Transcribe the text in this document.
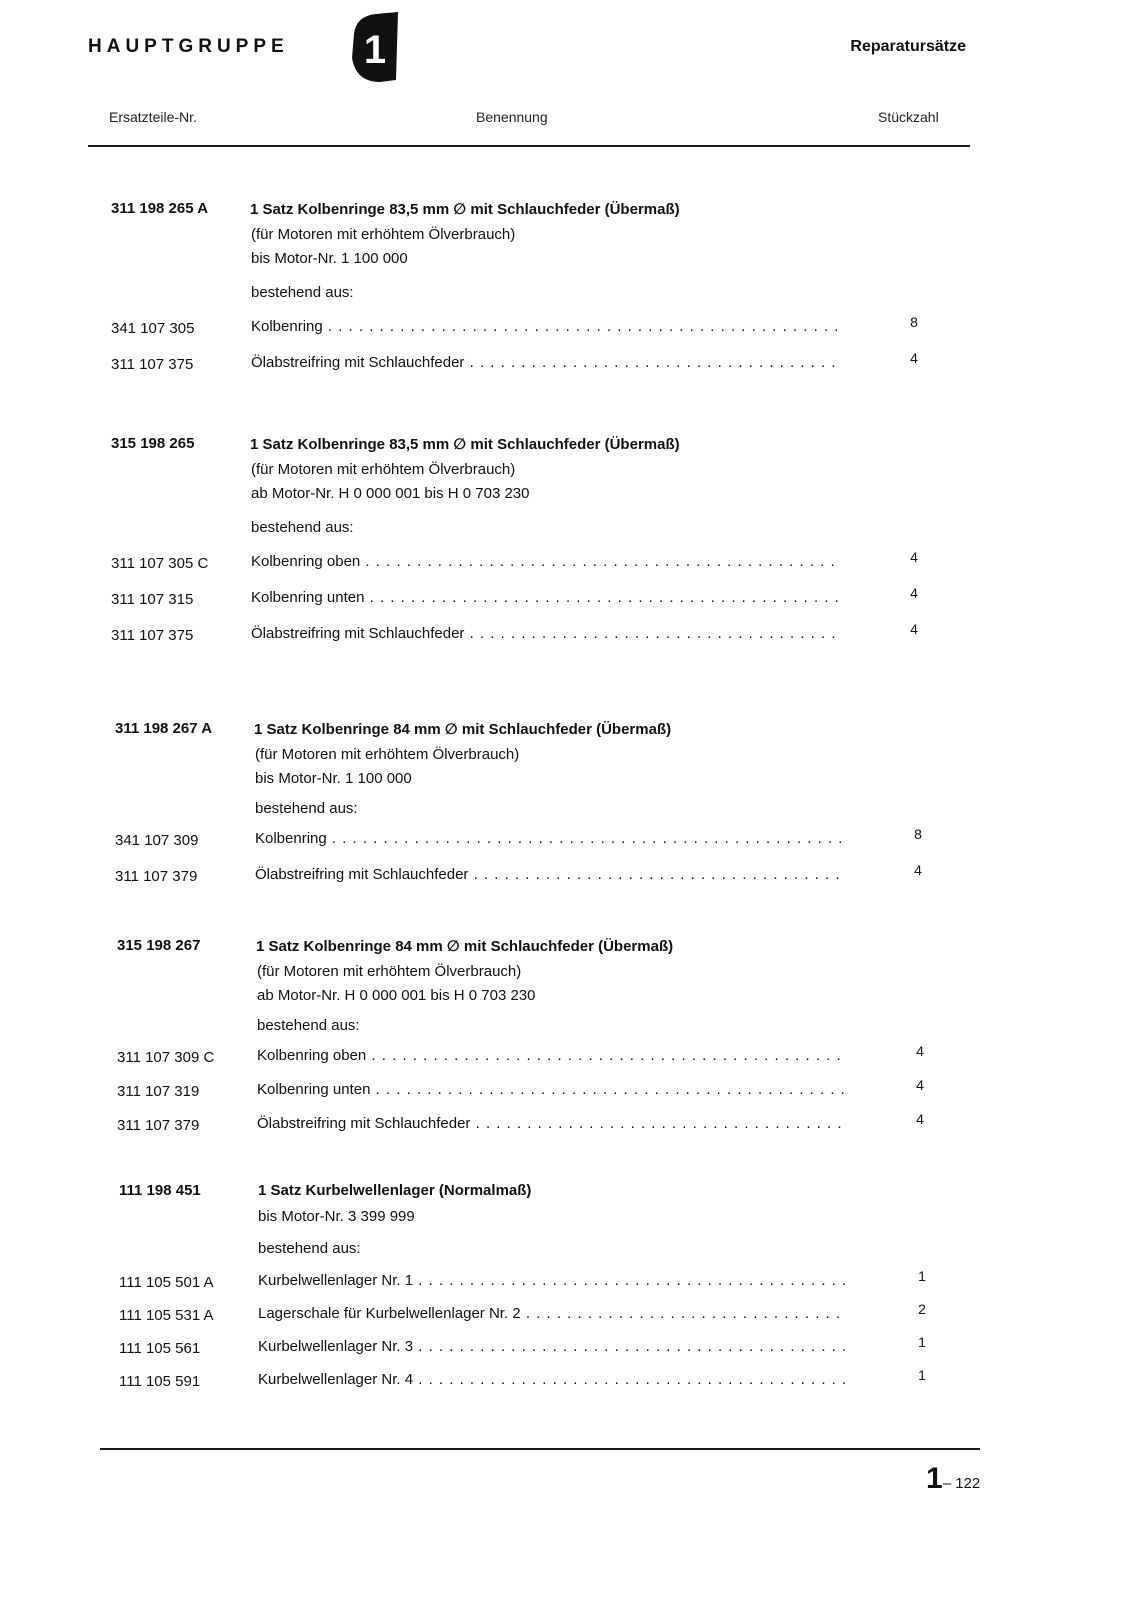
HAUPTGRUPPE 1	Reparatursätze
Ersatzteile-Nr.	Benennung	Stückzahl
311 198 265 A	1 Satz Kolbenringe 83,5 mm ∅ mit Schlauchfeder (Übermaß)
(für Motoren mit erhöhtem Ölverbrauch)
bis Motor-Nr. 1 100 000
bestehend aus:
341 107 305	Kolbenring . . .	8
311 107 375	Ölabstreifring mit Schlauchfeder . . .	4
315 198 265	1 Satz Kolbenringe 83,5 mm ∅ mit Schlauchfeder (Übermaß)
(für Motoren mit erhöhtem Ölverbrauch)
ab Motor-Nr. H 0 000 001 bis H 0 703 230
bestehend aus:
311 107 305 C	Kolbenring oben . . .	4
311 107 315	Kolbenring unten . . .	4
311 107 375	Ölabstreifring mit Schlauchfeder . . .	4
311 198 267 A	1 Satz Kolbenringe 84 mm ∅ mit Schlauchfeder (Übermaß)
(für Motoren mit erhöhtem Ölverbrauch)
bis Motor-Nr. 1 100 000
bestehend aus:
341 107 309	Kolbenring . . .	8
311 107 379	Ölabstreifring mit Schlauchfeder . . .	4
315 198 267	1 Satz Kolbenringe 84 mm ∅ mit Schlauchfeder (Übermaß)
(für Motoren mit erhöhtem Ölverbrauch)
ab Motor-Nr. H 0 000 001 bis H 0 703 230
bestehend aus:
311 107 309 C	Kolbenring oben . . .	4
311 107 319	Kolbenring unten . . .	4
311 107 379	Ölabstreifring mit Schlauchfeder . . .	4
111 198 451	1 Satz Kurbelwellenlager (Normalmaß)
bis Motor-Nr. 3 399 999
bestehend aus:
111 105 501 A	Kurbelwellenlager Nr. 1 . . .	1
111 105 531 A	Lagerschale für Kurbelwellenlager Nr. 2 . . .	2
111 105 561	Kurbelwellenlager Nr. 3 . . .	1
111 105 591	Kurbelwellenlager Nr. 4 . . .	1
1– 122
